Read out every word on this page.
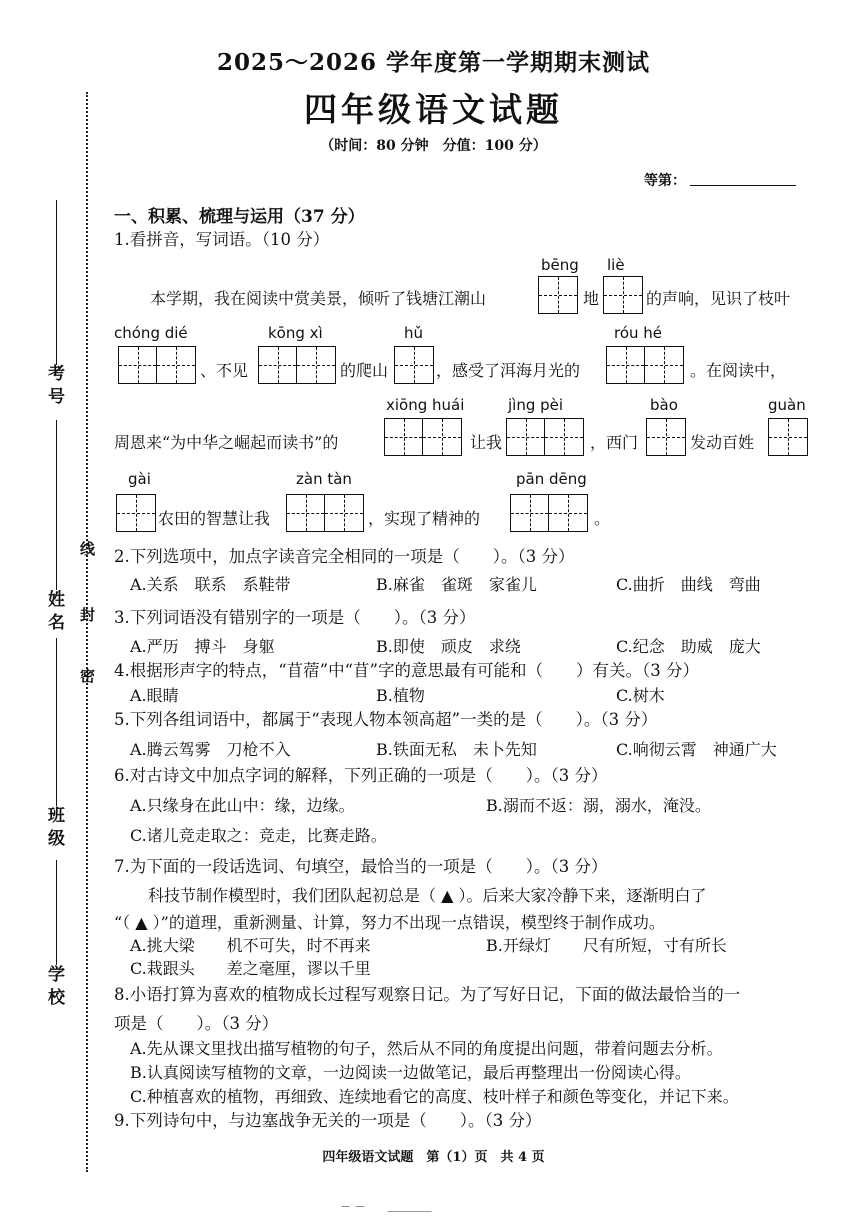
考号
姓名
班级
学校
线
封
密
2025～2026 学年度第一学期期末测试
四年级语文试题
（时间：80 分钟　分值：100 分）
等第：
一、积累、梳理与运用（37 分）
1.看拼音，写词语。（10 分）
bēng liè
本学期，我在阅读中赏美景，倾听了钱塘江潮山	地	的声响，见识了枝叶
chóng dié	kōng xì	hǔ	róu hé
、不见	的爬山	，感受了洱海月光的	。在阅读中，
xiōng huái	jìng pèi	bào	guàn
周恩来“为中华之崛起而读书”的	让我	，西门	发动百姓
gài	zàn tàn	pān dēng
农田的智慧让我	，实现了精神的	。
2.下列选项中，加点字读音完全相同的一项是（　　）。（3 分）
A.关系　联系　系鞋带	B.麻雀　雀斑　家雀儿	C.曲折　曲线　弯曲
3.下列词语没有错别字的一项是（　　）。（3 分）
A.严历　搏斗　身躯	B.即使　顽皮　求绕	C.纪念　助威　庞大
4.根据形声字的特点，“苜蓿”中“苜”字的意思最有可能和（　　）有关。（3 分）
A.眼睛	B.植物	C.树木
5.下列各组词语中，都属于“表现人物本领高超”一类的是（　　）。（3 分）
A.腾云驾雾　刀枪不入	B.铁面无私　未卜先知	C.响彻云霄　神通广大
6.对古诗文中加点字词的解释，下列正确的一项是（　　）。（3 分）
A.只缘身在此山中：缘，边缘。	B.溺而不返：溺，溺水，淹没。
C.诸儿竞走取之：竞走，比赛走路。
7.为下面的一段话选词、句填空，最恰当的一项是（　　）。（3 分）
科技节制作模型时，我们团队起初总是（ ▲ ）。后来大家冷静下来，逐渐明白了
“（ ▲ ）”的道理，重新测量、计算，努力不出现一点错误，模型终于制作成功。
A.挑大梁　　机不可失，时不再来	B.开绿灯　　尺有所短，寸有所长
C.栽跟头　　差之毫厘，谬以千里
8.小语打算为喜欢的植物成长过程写观察日记。为了写好日记，下面的做法最恰当的一
项是（　　）。（3 分）
A.先从课文里找出描写植物的句子，然后从不同的角度提出问题，带着问题去分析。
B.认真阅读写植物的文章，一边阅读一边做笔记，最后再整理出一份阅读心得。
C.种植喜欢的植物，再细致、连续地看它的高度、枝叶样子和颜色等变化，并记下来。
9.下列诗句中，与边塞战争无关的一项是（　　）。（3 分）
四年级语文试题　第（1）页　共 4 页
－ －　　＿＿＿＿
